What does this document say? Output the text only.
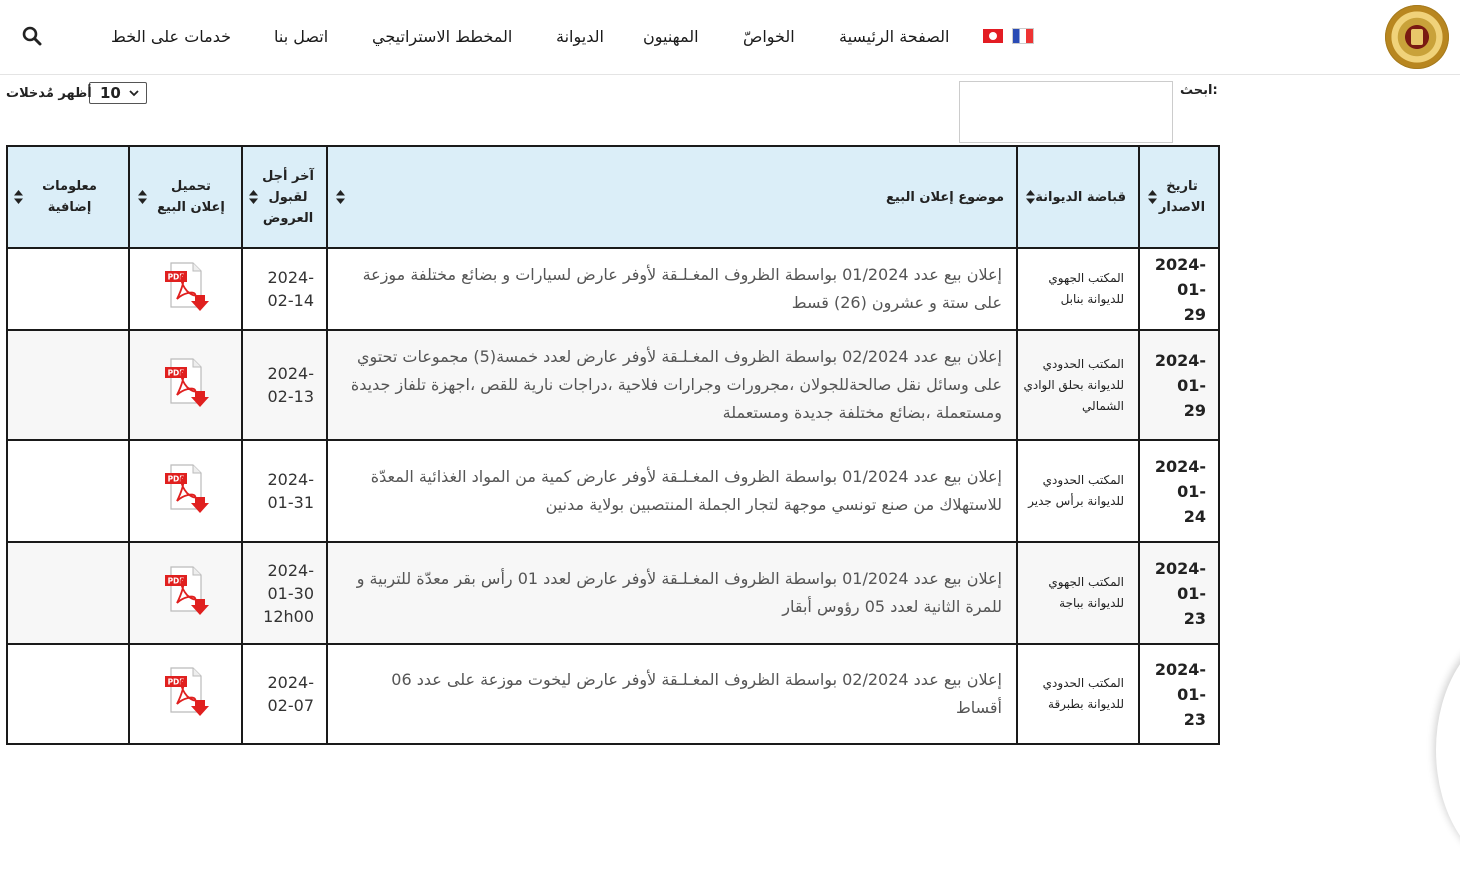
الصفحة الرئيسية
الخواصّ
المهنيون
الديوانة
المخطط الاستراتيجي
اتصل بنا
خدمات على الخط
:ابحث
10
أظهر مُدخلات
تاريخ الاصدار	قباضة الديوانة	موضوع إعلان البيع	آخر أجل لقبول العروض	تحميل إعلان البيع	معلومات إضافية

2024-01-29	المكتب الجهوي للديوانة بنابل	إعلان بيع عدد 01/2024 بواسطة الظروف المغـلـقة لأوفر عارض لسيارات و بضائع مختلفة موزعة على ستة و عشرون (26) قسط	2024-02-14	PDF	

2024-01-29	المكتب الحدودي للديوانة بحلق الوادي الشمالي	إعلان بيع عدد 02/2024 بواسطة الظروف المغـلـقة لأوفر عارض لعدد خمسة(5) مجموعات تحتوي على وسائل نقل صالحةللجولان ،مجرورات وجرارات فلاحية ،دراجات نارية للقص ،اجهزة تلفاز جديدة ومستعملة ،بضائع مختلفة جديدة ومستعملة	2024-02-13	PDF	

2024-01-24	المكتب الحدودي للديوانة برأس جدير	إعلان بيع عدد 01/2024 بواسطة الظروف المغـلـقة لأوفر عارض كمية من المواد الغذائية المعدّة للاستهلاك من صنع تونسي موجهة لتجار الجملة المنتصبين بولاية مدنين	2024-01-31	PDF	

2024-01-23	المكتب الجهوي للديوانة بباجة	إعلان بيع عدد 01/2024 بواسطة الظروف المغـلـقة لأوفر عارض لعدد 01 رأس بقر معدّة للتربية و للمرة الثانية لعدد 05 رؤوس أبقار	2024-01-30 12h00	PDF	

2024-01-23	المكتب الحدودي للديوانة بطبرقة	إعلان بيع عدد 02/2024 بواسطة الظروف المغـلـقة لأوفر عارض ليخوت موزعة على عدد 06 أقساط	2024-02-07	PDF	
